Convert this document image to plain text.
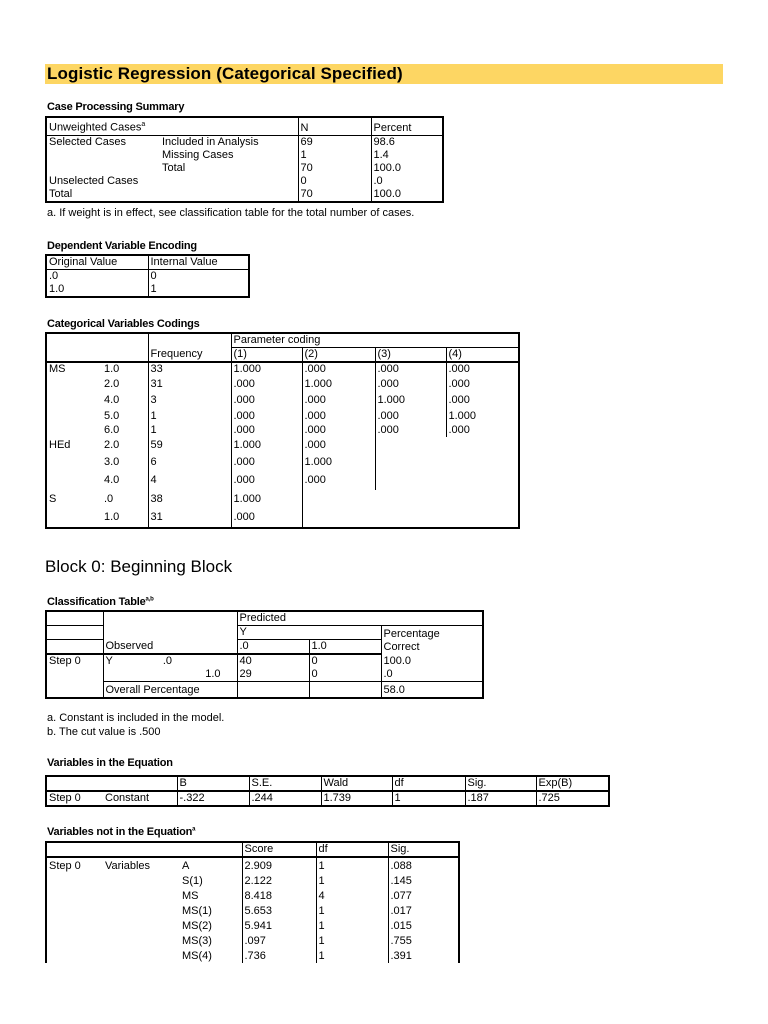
Logistic Regression (Categorical Specified)
Case Processing Summary
Unweighted Cases$^a$		N	Percent
Selected Cases	Included in Analysis	69	98.6
	Missing Cases	1	1.4
	Total	70	100.0
Unselected Cases		0	.0
Total		70	100.0
a. If weight is in effect, see classification table for the total number of cases.
Dependent Variable Encoding
Original Value	Internal Value
.0	0
1.0	1
Categorical Variables Codings
			Parameter coding			
		Frequency	(1)	(2)	(3)	(4)
MS	1.0	33	1.000	.000	.000	.000
	2.0	31	.000	1.000	.000	.000
	4.0	3	.000	.000	1.000	.000
	5.0	1	.000	.000	.000	1.000
	6.0	1	.000	.000	.000	.000
HEd	2.0	59	1.000	.000		
	3.0	6	.000	1.000		
	4.0	4	.000	.000		
S	.0	38	1.000			
	1.0	31	.000			
Block 0: Beginning Block
Classification Table$^{a,b}$
		Predicted		
		Y		Percentage
Correct
	Observed	.0	1.0	
Step 0	Y .0	40	0	100.0
	1.0	29	0	.0
	Overall Percentage			58.0
a. Constant is included in the model.
b. The cut value is .500
Variables in the Equation
		B	S.E.	Wald	df	Sig.	Exp(B)
Step 0	Constant	-.322	.244	1.739	1	.187	.725
Variables not in the Equation$^a$
			Score	df	Sig.
Step 0	Variables	A	2.909	1	.088
		S(1)	2.122	1	.145
		MS	8.418	4	.077
		MS(1)	5.653	1	.017
		MS(2)	5.941	1	.015
		MS(3)	.097	1	.755
		MS(4)	.736	1	.391
